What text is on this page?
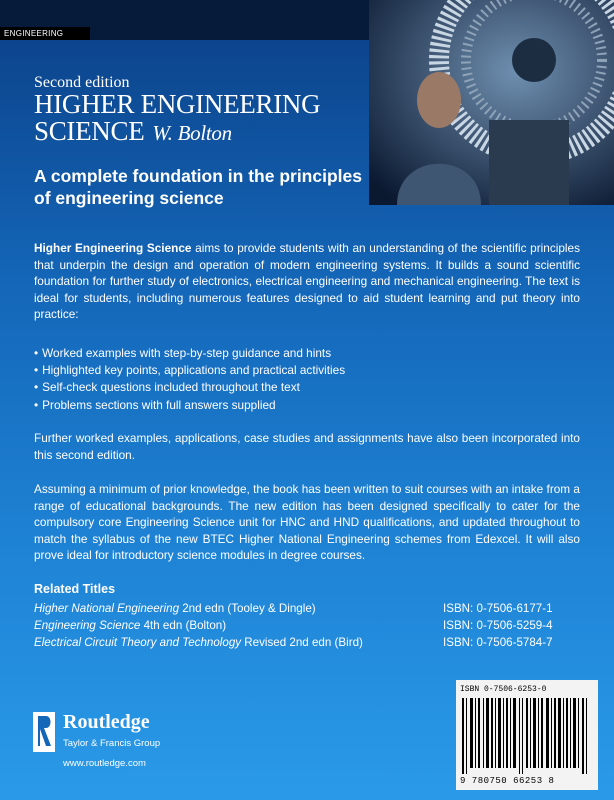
ENGINEERING
Second edition
HIGHER ENGINEERING
SCIENCE W. Bolton
A complete foundation in the principles of engineering science
Higher Engineering Science aims to provide students with an understanding of the scientific principles that underpin the design and operation of modern engineering systems. It builds a sound scientific foundation for further study of electronics, electrical engineering and mechanical engineering. The text is ideal for students, including numerous features designed to aid student learning and put theory into practice:
• Worked examples with step-by-step guidance and hints
• Highlighted key points, applications and practical activities
• Self-check questions included throughout the text
• Problems sections with full answers supplied
Further worked examples, applications, case studies and assignments have also been incorporated into this second edition.
Assuming a minimum of prior knowledge, the book has been written to suit courses with an intake from a range of educational backgrounds. The new edition has been designed specifically to cater for the compulsory core Engineering Science unit for HNC and HND qualifications, and updated throughout to match the syllabus of the new BTEC Higher National Engineering schemes from Edexcel. It will also prove ideal for introductory science modules in degree courses.
Related Titles
Higher National Engineering 2nd edn (Tooley & Dingle)	ISBN: 0-7506-6177-1
Engineering Science 4th edn (Bolton)	ISBN: 0-7506-5259-4
Electrical Circuit Theory and Technology Revised 2nd edn (Bird)	ISBN: 0-7506-5784-7
Routledge
Taylor & Francis Group
www.routledge.com
ISBN 0-7506-6253-0
9 780750 66253 8
